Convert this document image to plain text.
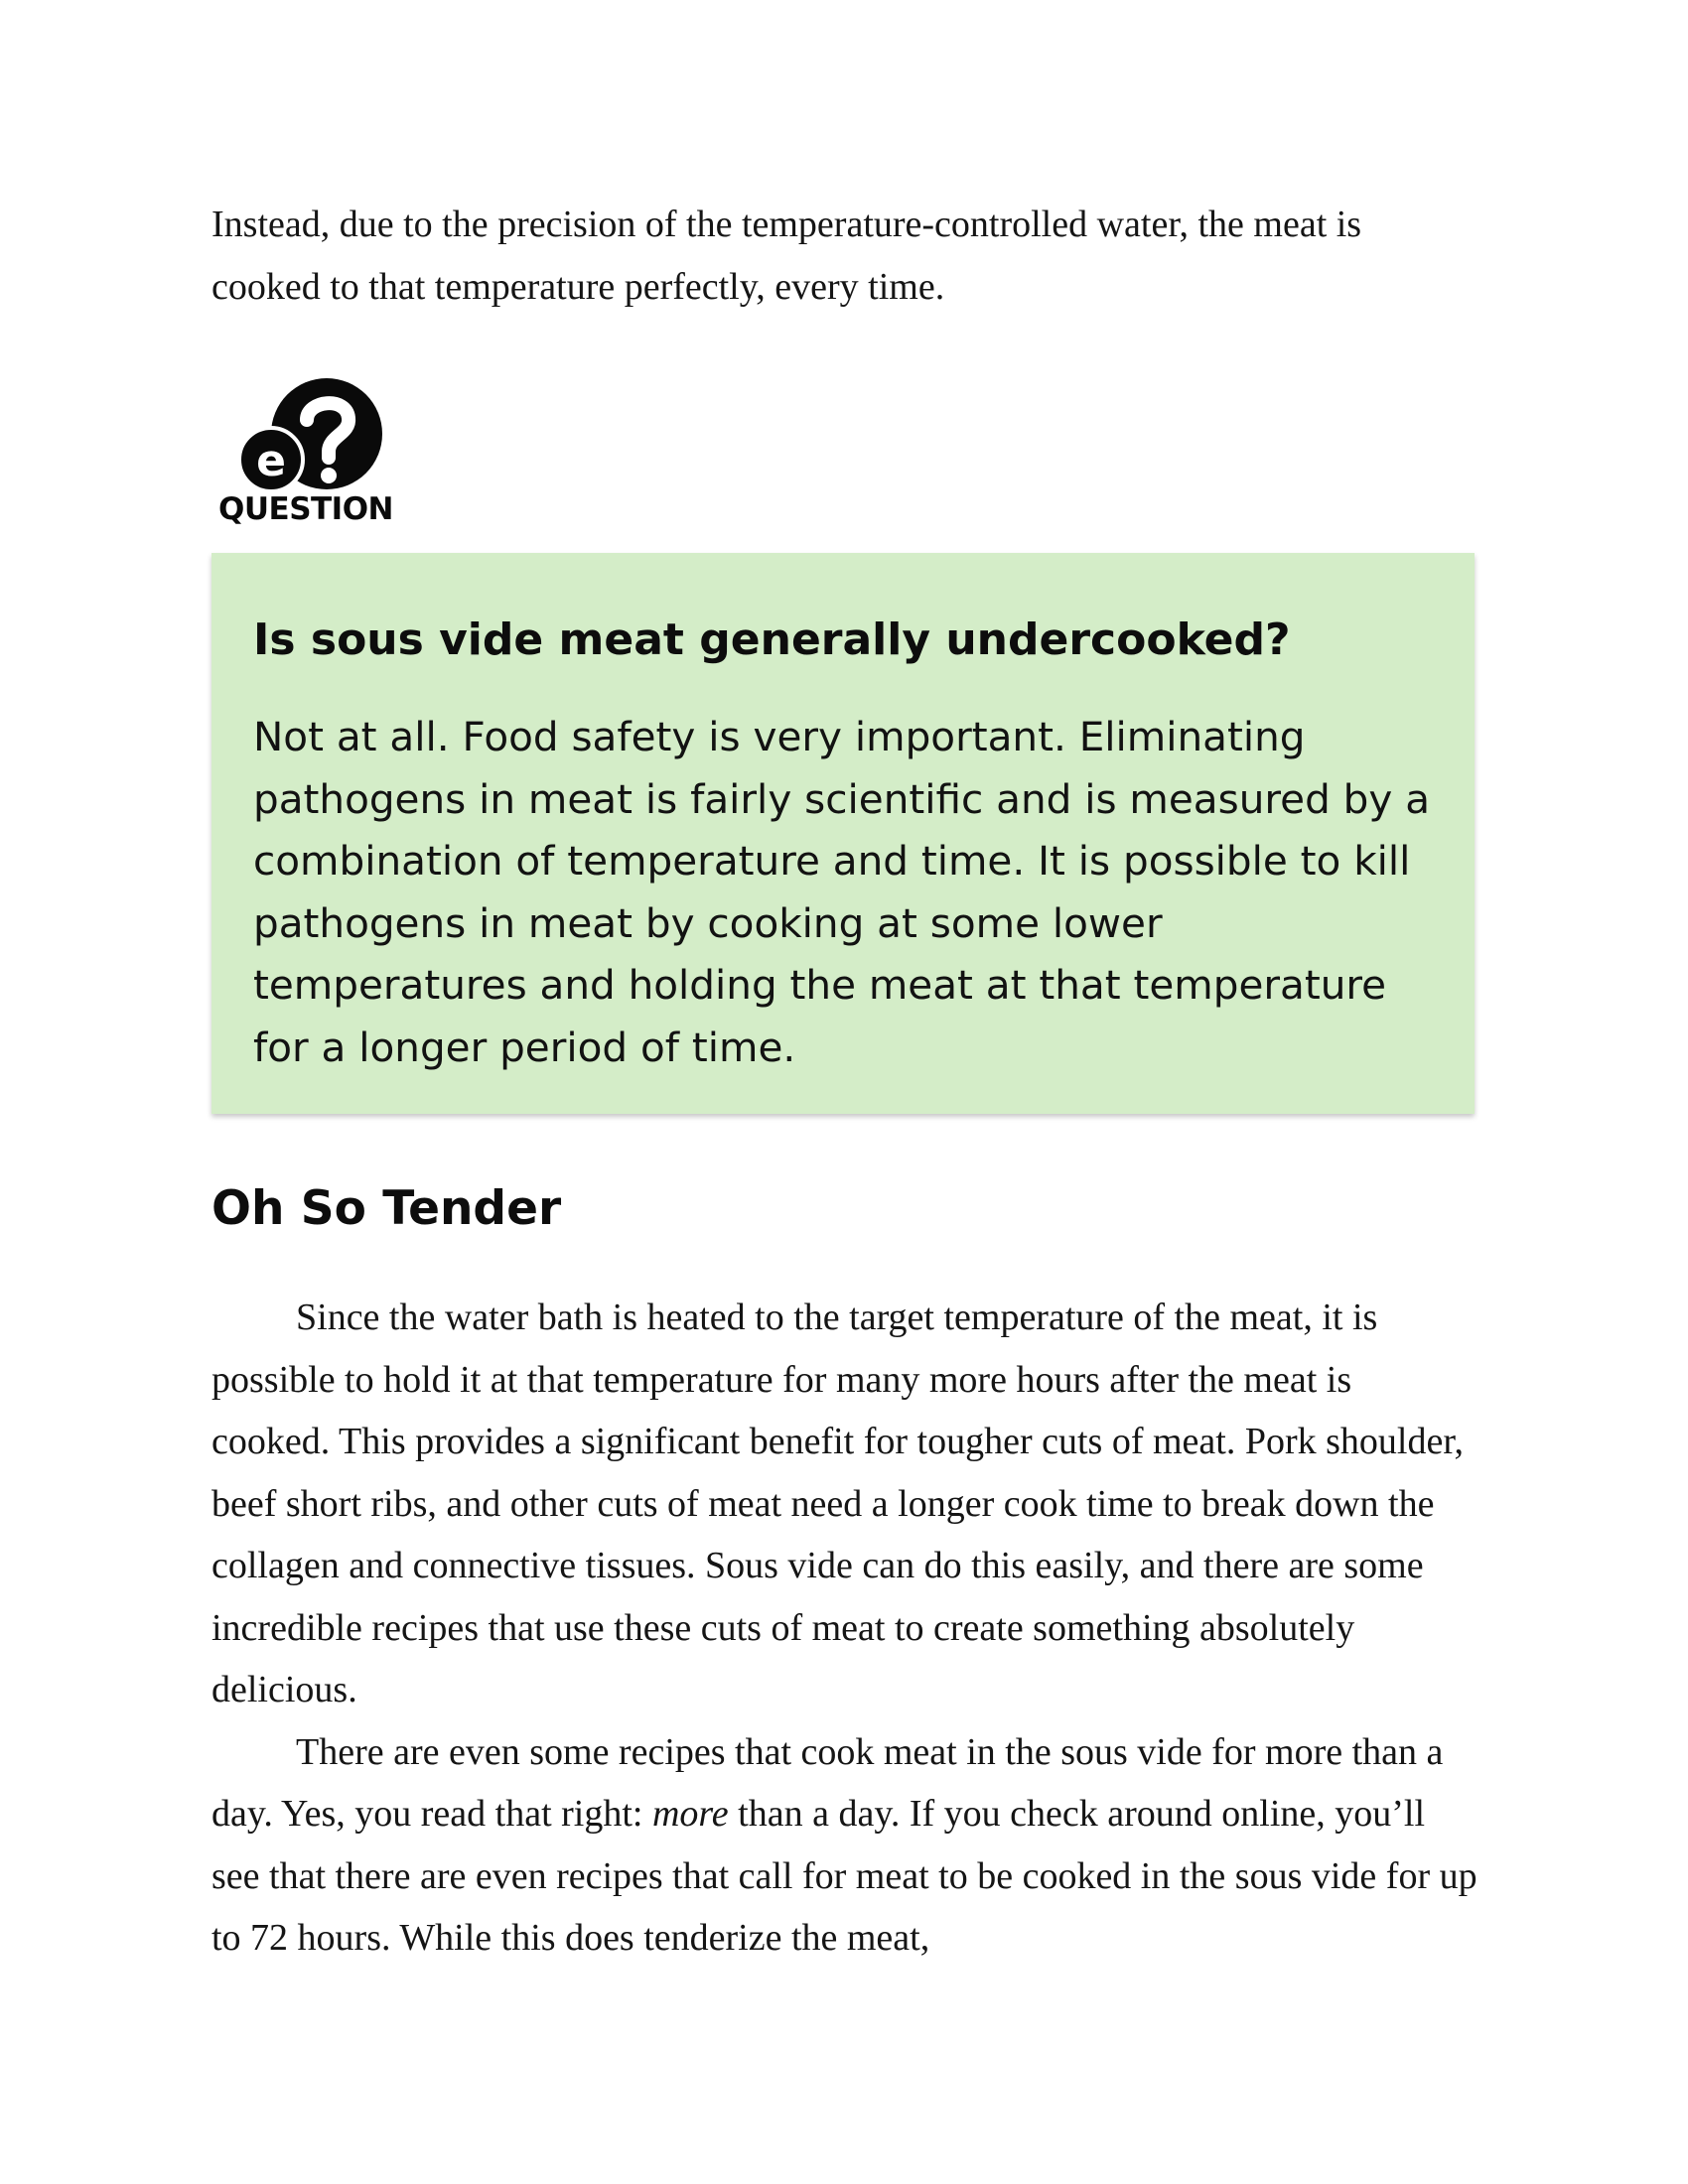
Instead, due to the precision of the temperature-controlled water, the meat is cooked to that temperature perfectly, every time.

e

QUESTION

Is sous vide meat generally undercooked?

Not at all. Food safety is very important. Eliminating pathogens in meat is fairly scientific and is measured by a combination of temperature and time. It is possible to kill pathogens in meat by cooking at some lower temperatures and holding the meat at that temperature for a longer period of time.

Oh So Tender

Since the water bath is heated to the target temperature of the meat, it is possible to hold it at that temperature for many more hours after the meat is cooked. This provides a significant benefit for tougher cuts of meat. Pork shoulder, beef short ribs, and other cuts of meat need a longer cook time to break down the collagen and connective tissues. Sous vide can do this easily, and there are some incredible recipes that use these cuts of meat to create something absolutely delicious.

There are even some recipes that cook meat in the sous vide for more than a day. Yes, you read that right: more than a day. If you check around online, you’ll see that there are even recipes that call for meat to be cooked in the sous vide for up to 72 hours. While this does tenderize the meat,
